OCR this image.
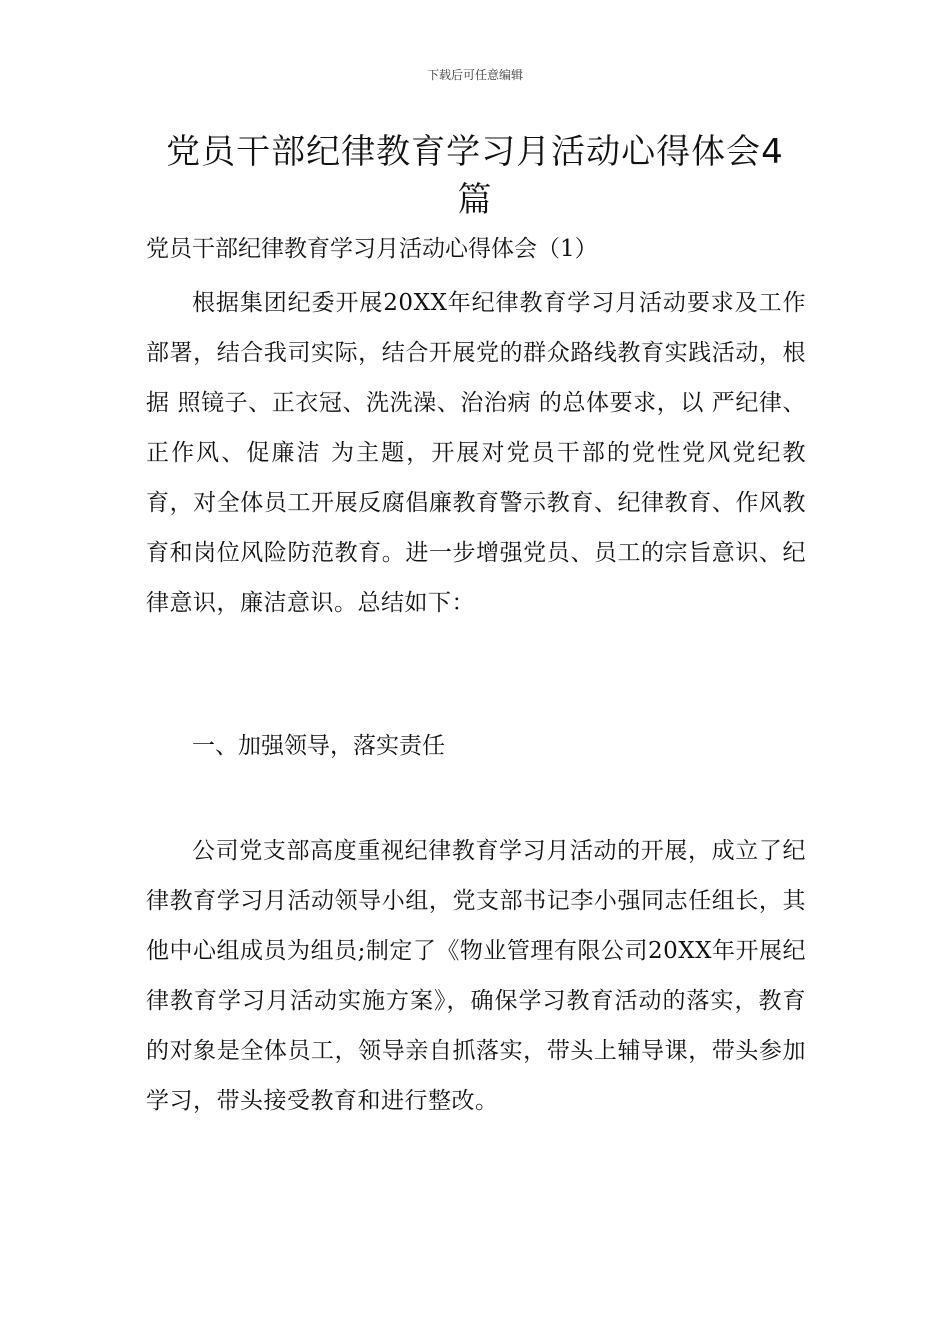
下载后可任意编辑
党员干部纪律教育学习月活动心得体会4篇

党员干部纪律教育学习月活动心得体会（1）

根据集团纪委开展20XX年纪律教育学习月活动要求及工作部署，结合我司实际，结合开展党的群众路线教育实践活动，根据 照镜子、正衣冠、洗洗澡、治治病 的总体要求，以 严纪律、正作风、促廉洁 为主题，开展对党员干部的党性党风党纪教育，对全体员工开展反腐倡廉教育警示教育、纪律教育、作风教育和岗位风险防范教育。进一步增强党员、员工的宗旨意识、纪律意识，廉洁意识。总结如下：

一、加强领导，落实责任

公司党支部高度重视纪律教育学习月活动的开展，成立了纪律教育学习月活动领导小组，党支部书记李小强同志任组长，其他中心组成员为组员;制定了《物业管理有限公司20XX年开展纪律教育学习月活动实施方案》，确保学习教育活动的落实，教育的对象是全体员工，领导亲自抓落实，带头上辅导课，带头参加学习，带头接受教育和进行整改。
